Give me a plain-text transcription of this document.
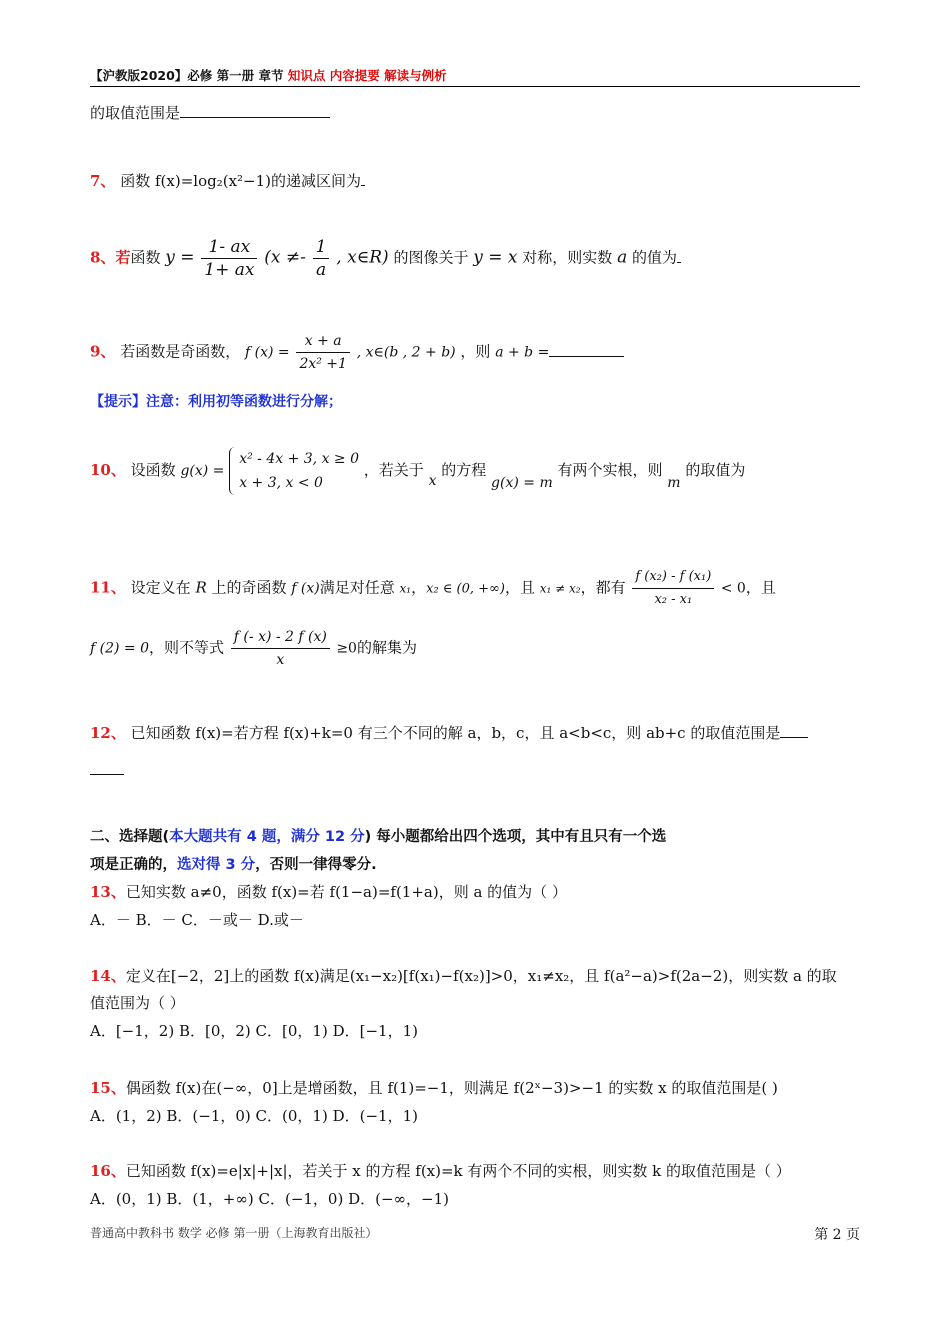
【沪教版2020】必修 第一册 章节 知识点 内容提要 解读与例析
的取值范围是
7、 函数 f(x)=log₂(x²−1)的递减区间为
8、若函数 $y = \frac{1- ax}{1+ ax} (x \ne- \frac{1}{a}$ , x∈R) 的图像关于 y = x 对称，则实数 a 的值为
9、 若函数是奇函数， f $(x) = \frac{x + a}{\text{2x² +1}}$ , x∈(b , 2 + b) ，则 a + b =
【提示】注意：利用初等函数进行分解；
10、 设函数 g(x) =
x² - 4x + 3, x ≥ 0
x + 3, x < 0
，若关于 x 的方程 g(x) = m 有两个实根，则 m 的取值为
11、 设定义在 R 上的奇函数 f (x)满足对任意 x₁，x₂ ∈ (0, +∞)，且 x₁ ≠ x₂，都有 $\frac{\text{f (x₂) - f (x₁)}}{\text{x₂ - x₁}} < 0$，且
f (2) = 0，则不等式 $\frac{f (- x) - 2 f (x)}{x} \ge 0$的解集为
12、 已知函数 f(x)=若方程 f(x)+k=0 有三个不同的解 a，b，c，且 a<b<c，则 ab+c 的取值范围是
二、选择题(本大题共有 4 题，满分 12 分) 每小题都给出四个选项，其中有且只有一个选
项是正确的，选对得 3 分，否则一律得零分.
13、已知实数 a≠0，函数 f(x)=若 f(1−a)=f(1+a)，则 a 的值为（ ）
A．－ B．－ C．－或－ D.或－
14、定义在[−2，2]上的函数 f(x)满足(x₁−x₂)[f(x₁)−f(x₂)]>0，x₁≠x₂，且 f(a²−a)>f(2a−2)，则实数 a 的取
值范围为（ ）
A．[−1，2) B．[0，2) C．[0，1) D．[−1，1)
15、偶函数 f(x)在(−∞，0]上是增函数，且 f(1)=−1，则满足 f(2ˣ−3)>−1 的实数 x 的取值范围是( )
A．(1，2) B．(−1，0) C．(0，1) D．(−1，1)
16、已知函数 f(x)=e|x|+|x|，若关于 x 的方程 f(x)=k 有两个不同的实根，则实数 k 的取值范围是（ ）
A．(0，1) B．(1，+∞) C．(−1，0) D．(−∞，−1)
普通高中教科书 数学 必修 第一册（上海教育出版社）	第 2 页
